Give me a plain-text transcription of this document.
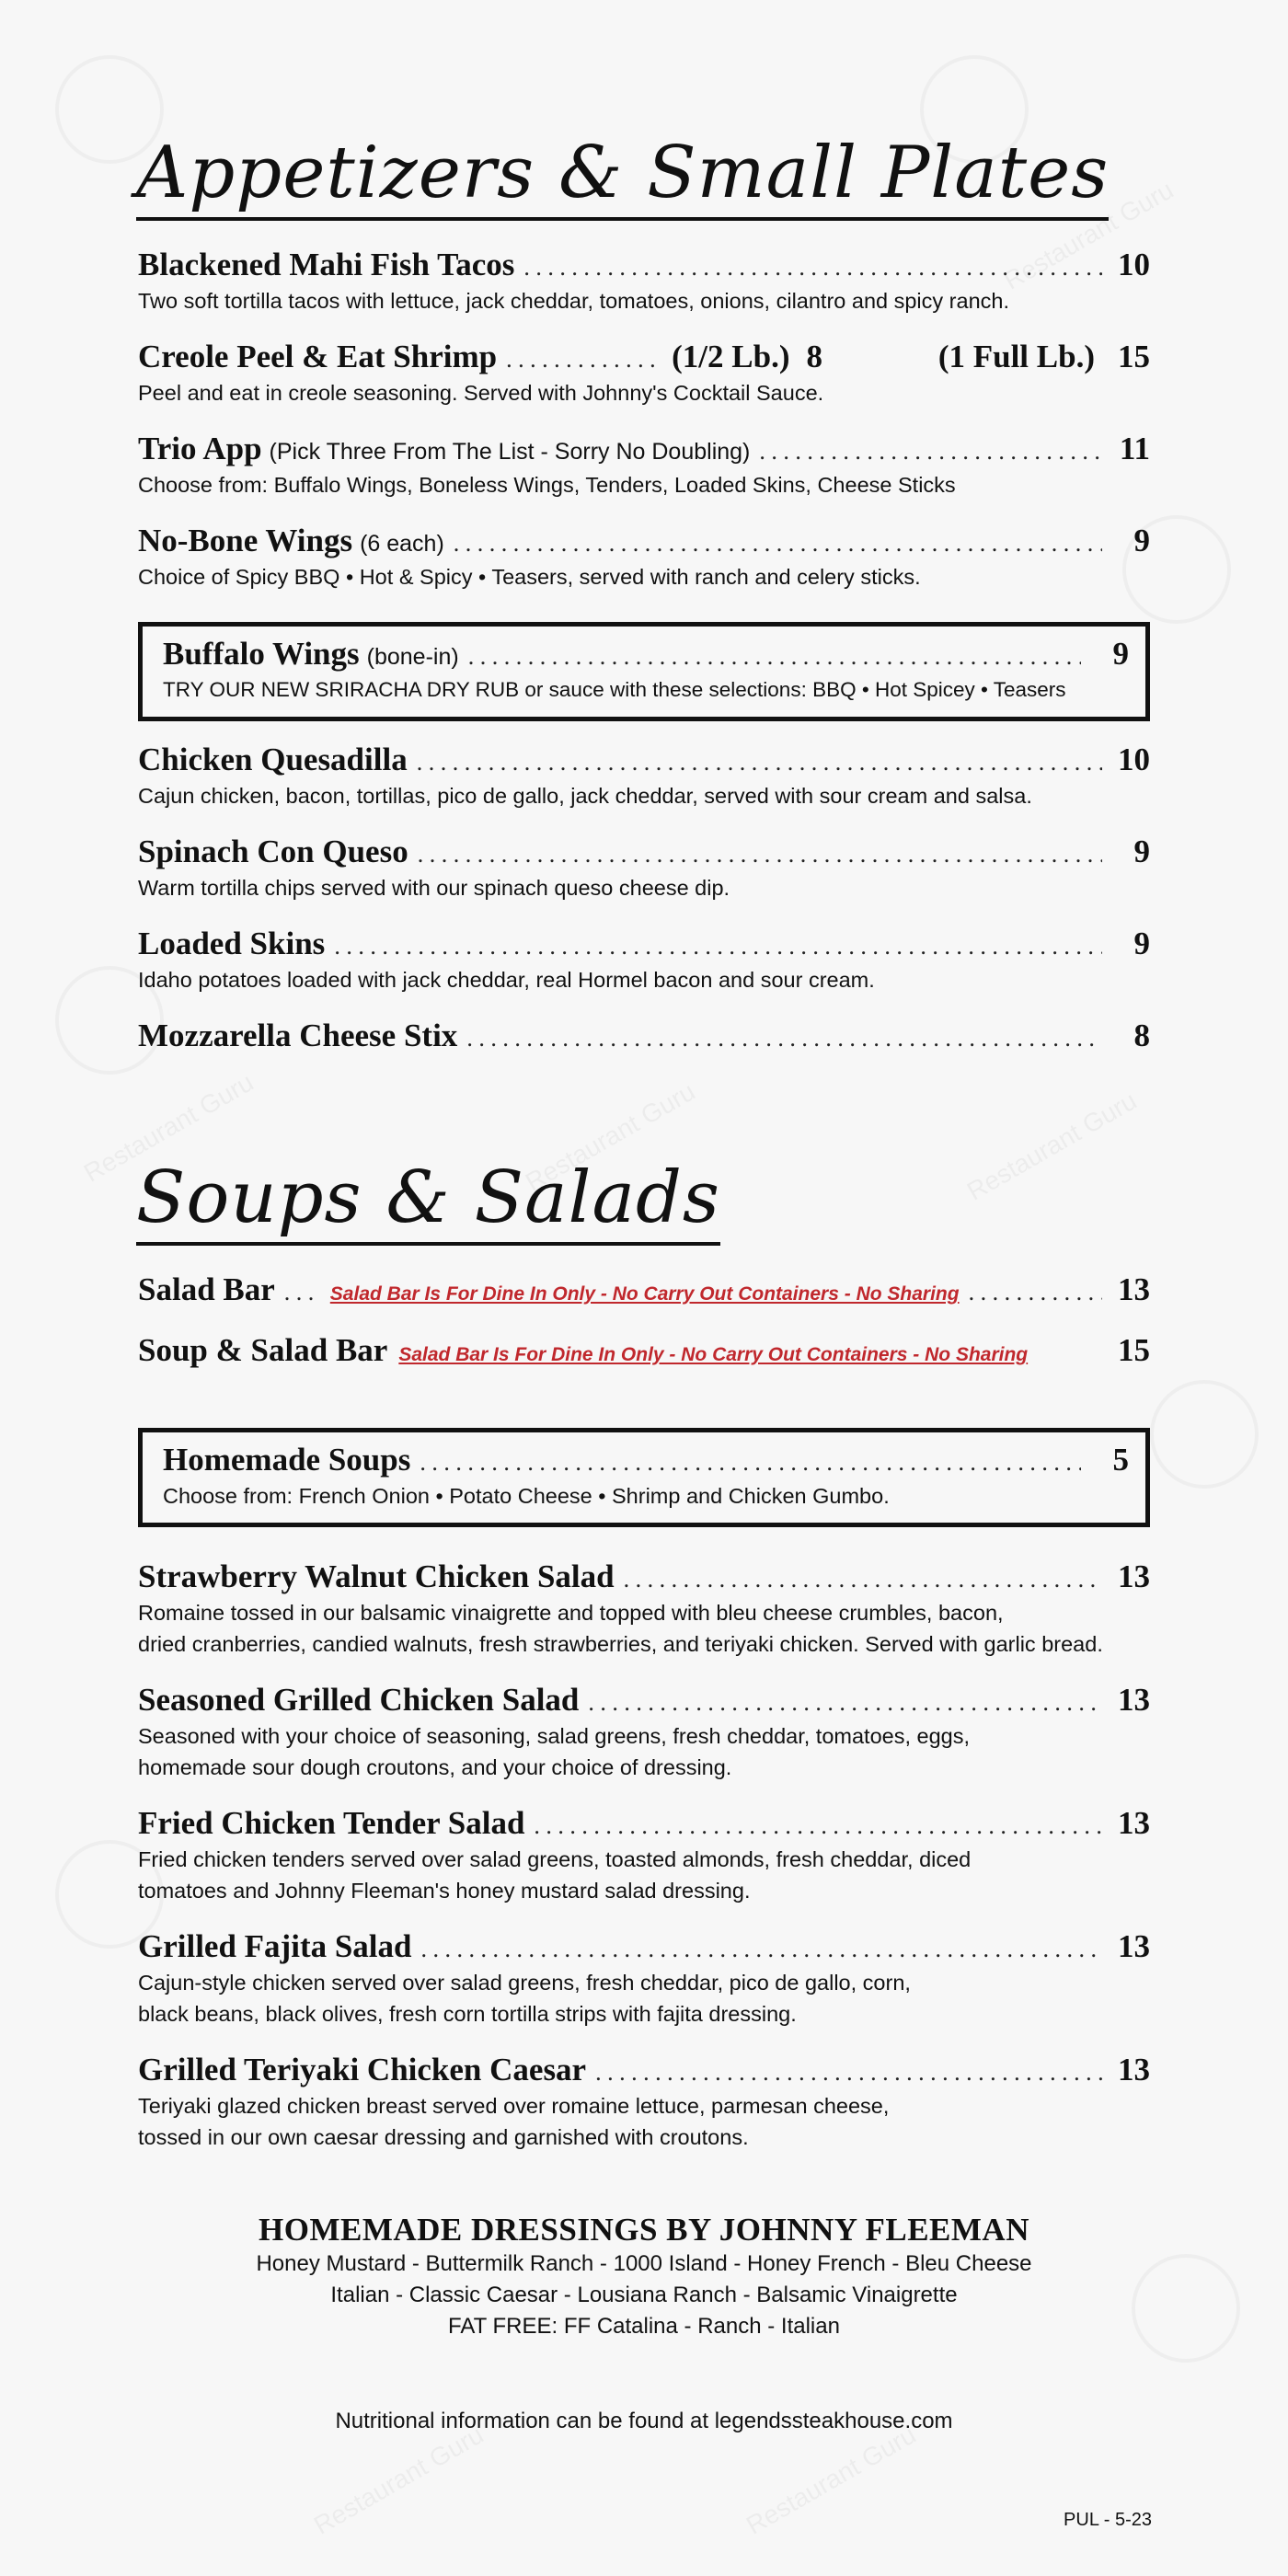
Appetizers & Small Plates
Blackened Mahi Fish Tacos . . .	10
Two soft tortilla tacos with lettuce, jack cheddar, tomatoes, onions, cilantro and spicy ranch.
Creole Peel & Eat Shrimp . . .	(1/2 Lb.) 8	(1 Full Lb.) 15
Peel and eat in creole seasoning. Served with Johnny's Cocktail Sauce.
Trio App (Pick Three From The List - Sorry No Doubling) . . .	11
Choose from: Buffalo Wings, Boneless Wings, Tenders, Loaded Skins, Cheese Sticks
No-Bone Wings (6 each) . . .	9
Choice of Spicy BBQ • Hot & Spicy • Teasers, served with ranch and celery sticks.
Buffalo Wings (bone-in) . . .	9
TRY OUR NEW SRIRACHA DRY RUB or sauce with these selections: BBQ • Hot Spicey • Teasers
Chicken Quesadilla . . .	10
Cajun chicken, bacon, tortillas, pico de gallo, jack cheddar, served with sour cream and salsa.
Spinach Con Queso . . .	9
Warm tortilla chips served with our spinach queso cheese dip.
Loaded Skins . . .	9
Idaho potatoes loaded with jack cheddar, real Hormel bacon and sour cream.
Mozzarella Cheese Stix . . .	8
Soups & Salads
Salad Bar . . .	Salad Bar Is For Dine In Only - No Carry Out Containers - No Sharing . . .	13
Soup & Salad Bar Salad Bar Is For Dine In Only - No Carry Out Containers - No Sharing	15
Homemade Soups . . .	5
Choose from: French Onion • Potato Cheese • Shrimp and Chicken Gumbo.
Strawberry Walnut Chicken Salad . . .	13
Romaine tossed in our balsamic vinaigrette and topped with bleu cheese crumbles, bacon,
dried cranberries, candied walnuts, fresh strawberries, and teriyaki chicken. Served with garlic bread.
Seasoned Grilled Chicken Salad . . .	13
Seasoned with your choice of seasoning, salad greens, fresh cheddar, tomatoes, eggs,
homemade sour dough croutons, and your choice of dressing.
Fried Chicken Tender Salad . . .	13
Fried chicken tenders served over salad greens, toasted almonds, fresh cheddar, diced
tomatoes and Johnny Fleeman's honey mustard salad dressing.
Grilled Fajita Salad . . .	13
Cajun-style chicken served over salad greens, fresh cheddar, pico de gallo, corn,
black beans, black olives, fresh corn tortilla strips with fajita dressing.
Grilled Teriyaki Chicken Caesar . . .	13
Teriyaki glazed chicken breast served over romaine lettuce, parmesan cheese,
tossed in our own caesar dressing and garnished with croutons.
HOMEMADE DRESSINGS BY JOHNNY FLEEMAN
Honey Mustard - Buttermilk Ranch - 1000 Island - Honey French - Bleu Cheese
Italian - Classic Caesar - Lousiana Ranch - Balsamic Vinaigrette
FAT FREE: FF Catalina - Ranch - Italian
Nutritional information can be found at legendssteakhouse.com
PUL - 5-23
